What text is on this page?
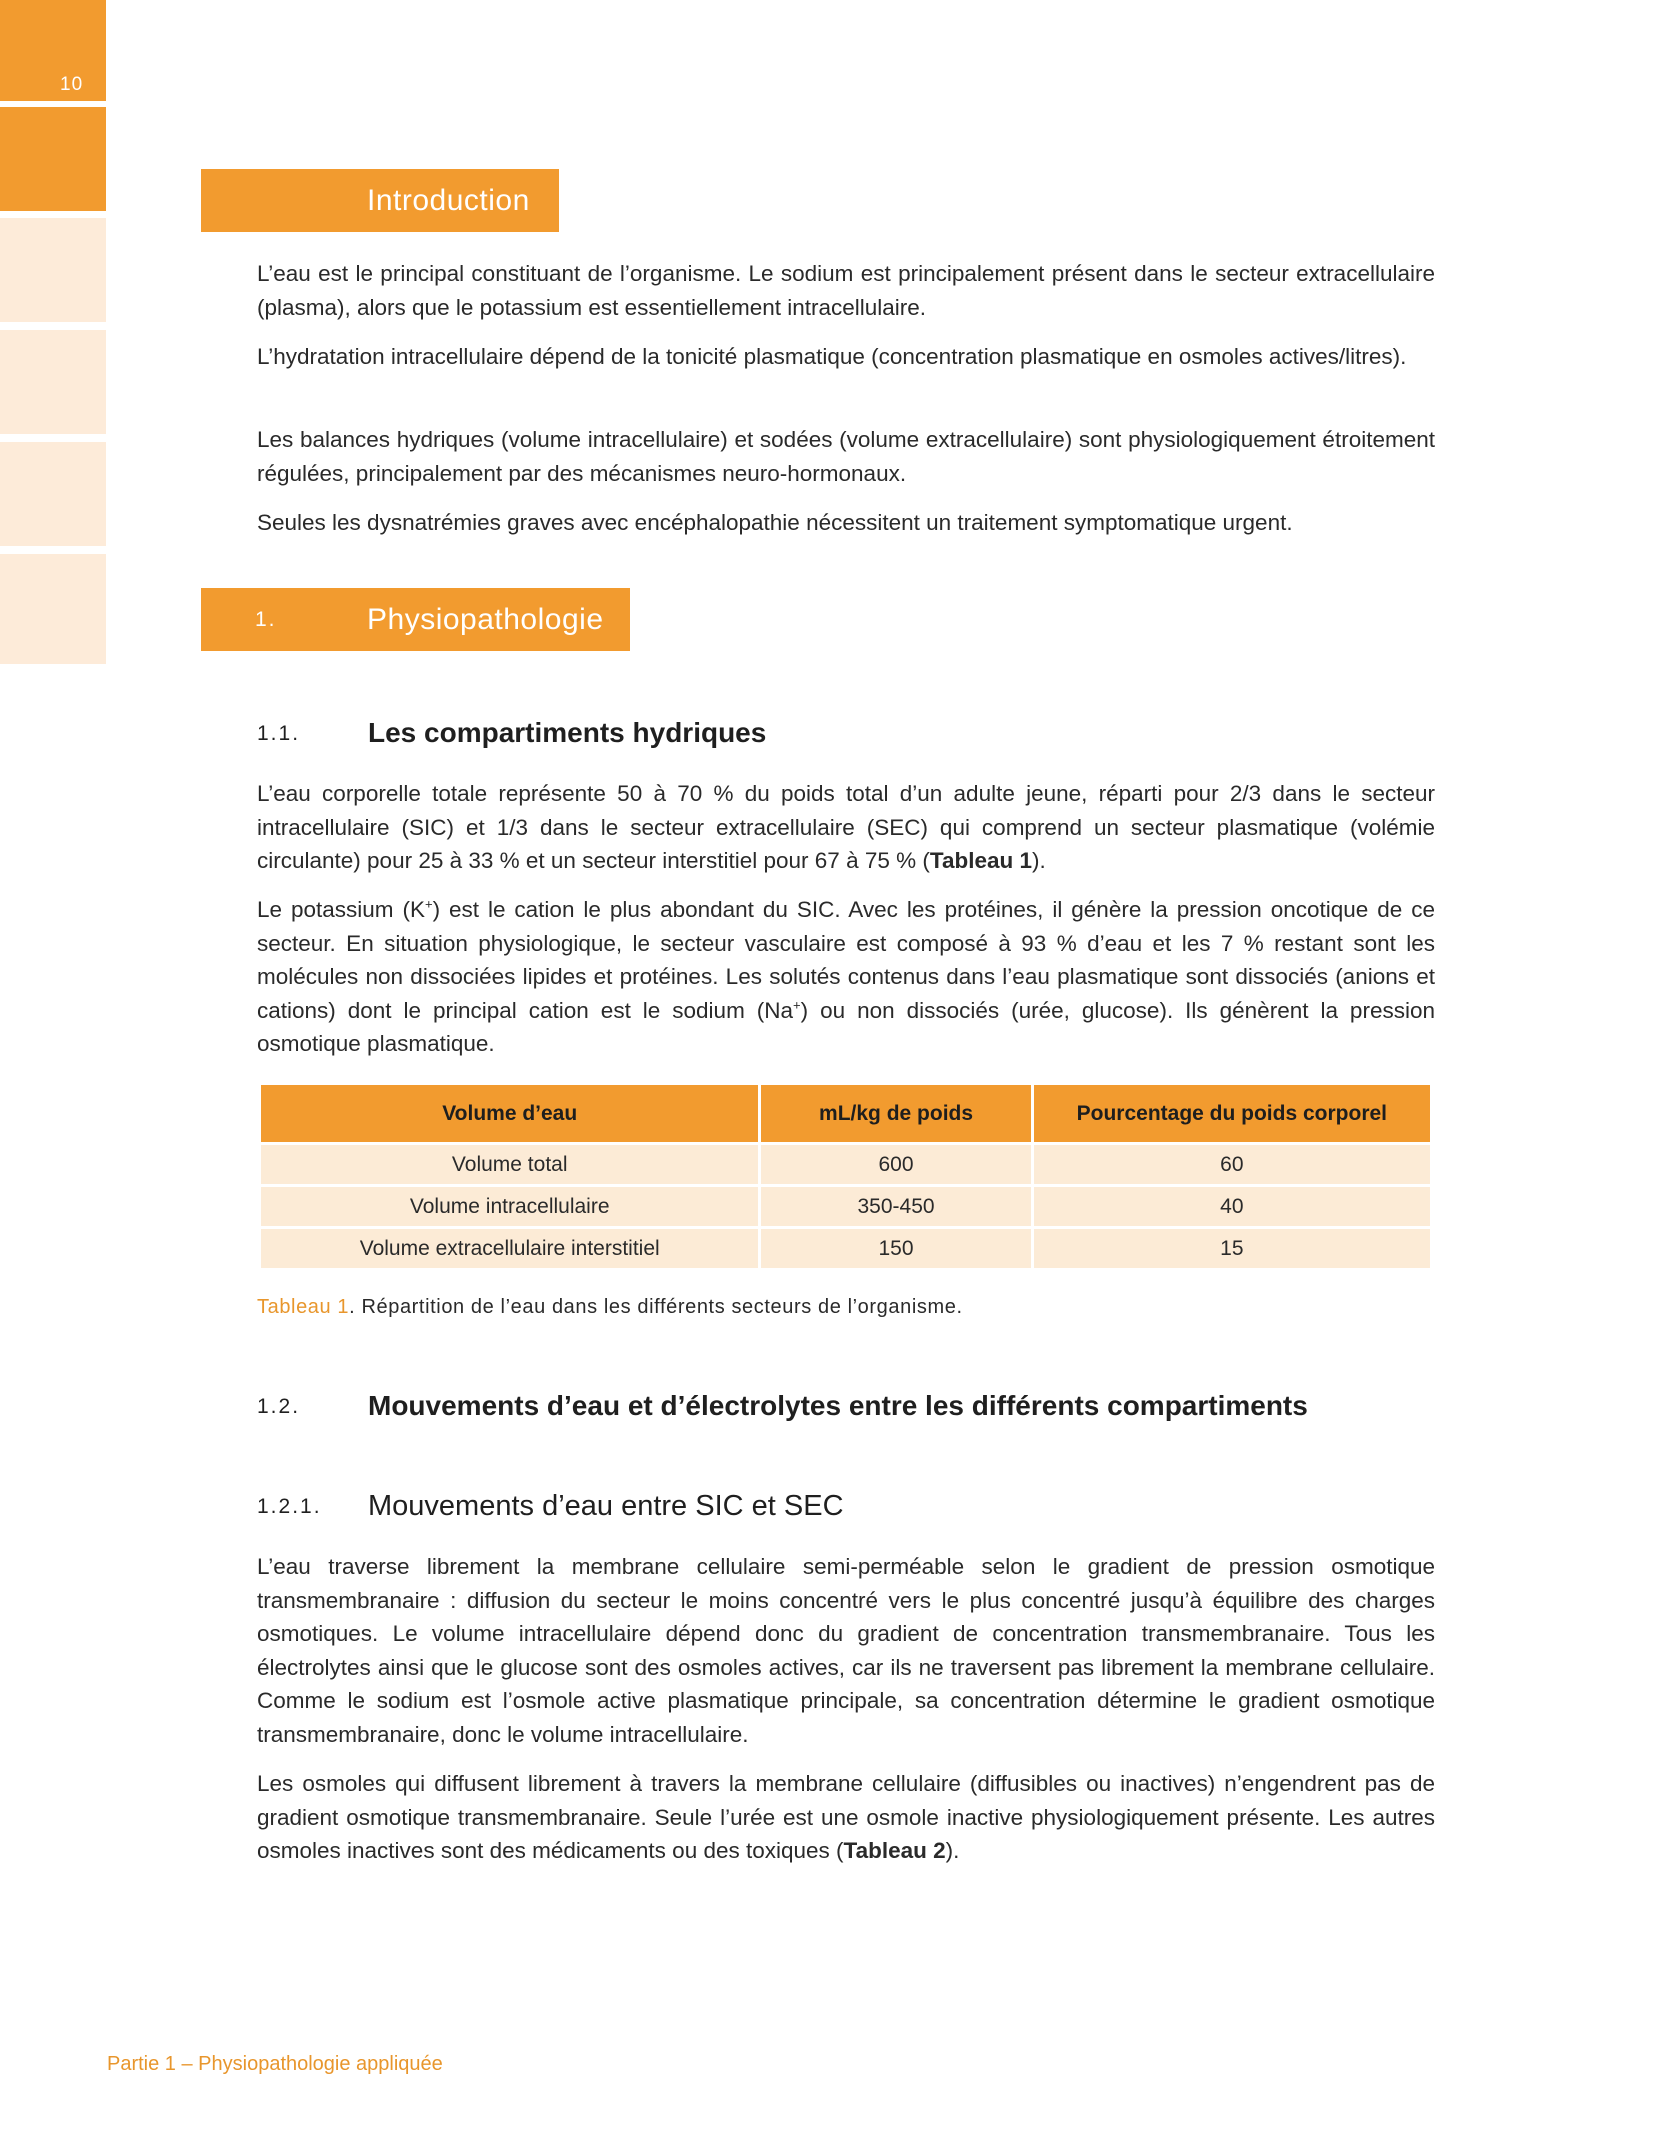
10
Introduction

L’eau est le principal constituant de l’organisme. Le sodium est principalement présent dans le secteur extracellulaire (plasma), alors que le potassium est essentiellement intracellulaire.

L’hydratation intracellulaire dépend de la tonicité plasmatique (concentration plasmatique en osmoles actives/litres).

Les balances hydriques (volume intracellulaire) et sodées (volume extracellulaire) sont physiologiquement étroitement régulées, principalement par des mécanismes neuro-hormonaux.

Seules les dysnatrémies graves avec encéphalopathie nécessitent un traitement symptomatique urgent.

1.	Physiopathologie
1.1. Les compartiments hydriques

L’eau corporelle totale représente 50 à 70 % du poids total d’un adulte jeune, réparti pour 2/3 dans le secteur intracellulaire (SIC) et 1/3 dans le secteur extracellulaire (SEC) qui comprend un secteur plasmatique (volémie circulante) pour 25 à 33 % et un secteur interstitiel pour 67 à 75 % (Tableau 1).

Le potassium (K+) est le cation le plus abondant du SIC. Avec les protéines, il génère la pression oncotique de ce secteur. En situation physiologique, le secteur vasculaire est composé à 93 % d’eau et les 7 % restant sont les molécules non dissociées lipides et protéines. Les solutés contenus dans l’eau plasmatique sont dissociés (anions et cations) dont le principal cation est le sodium (Na+) ou non dissociés (urée, glucose). Ils génèrent la pression osmotique plasmatique.

Volume d’eau	mL/kg de poids	Pourcentage du poids corporel
Volume total	600	60
Volume intracellulaire	350-450	40
Volume extracellulaire interstitiel	150	15
Tableau 1. Répartition de l’eau dans les différents secteurs de l’organisme.
1.2. Mouvements d’eau et d’électrolytes entre les différents compartiments
1.2.1. Mouvements d’eau entre SIC et SEC

L’eau traverse librement la membrane cellulaire semi-perméable selon le gradient de pression osmotique transmembranaire : diffusion du secteur le moins concentré vers le plus concentré jusqu’à équilibre des charges osmotiques. Le volume intracellulaire dépend donc du gradient de concentration transmembranaire. Tous les électrolytes ainsi que le glucose sont des osmoles actives, car ils ne traversent pas librement la membrane cellulaire. Comme le sodium est l’osmole active plasmatique principale, sa concentration détermine le gradient osmotique transmembranaire, donc le volume intracellulaire.

Les osmoles qui diffusent librement à travers la membrane cellulaire (diffusibles ou inactives) n’engendrent pas de gradient osmotique transmembranaire. Seule l’urée est une osmole inactive physiologiquement présente. Les autres osmoles inactives sont des médicaments ou des toxiques (Tableau 2).

Partie 1 – Physiopathologie appliquée
